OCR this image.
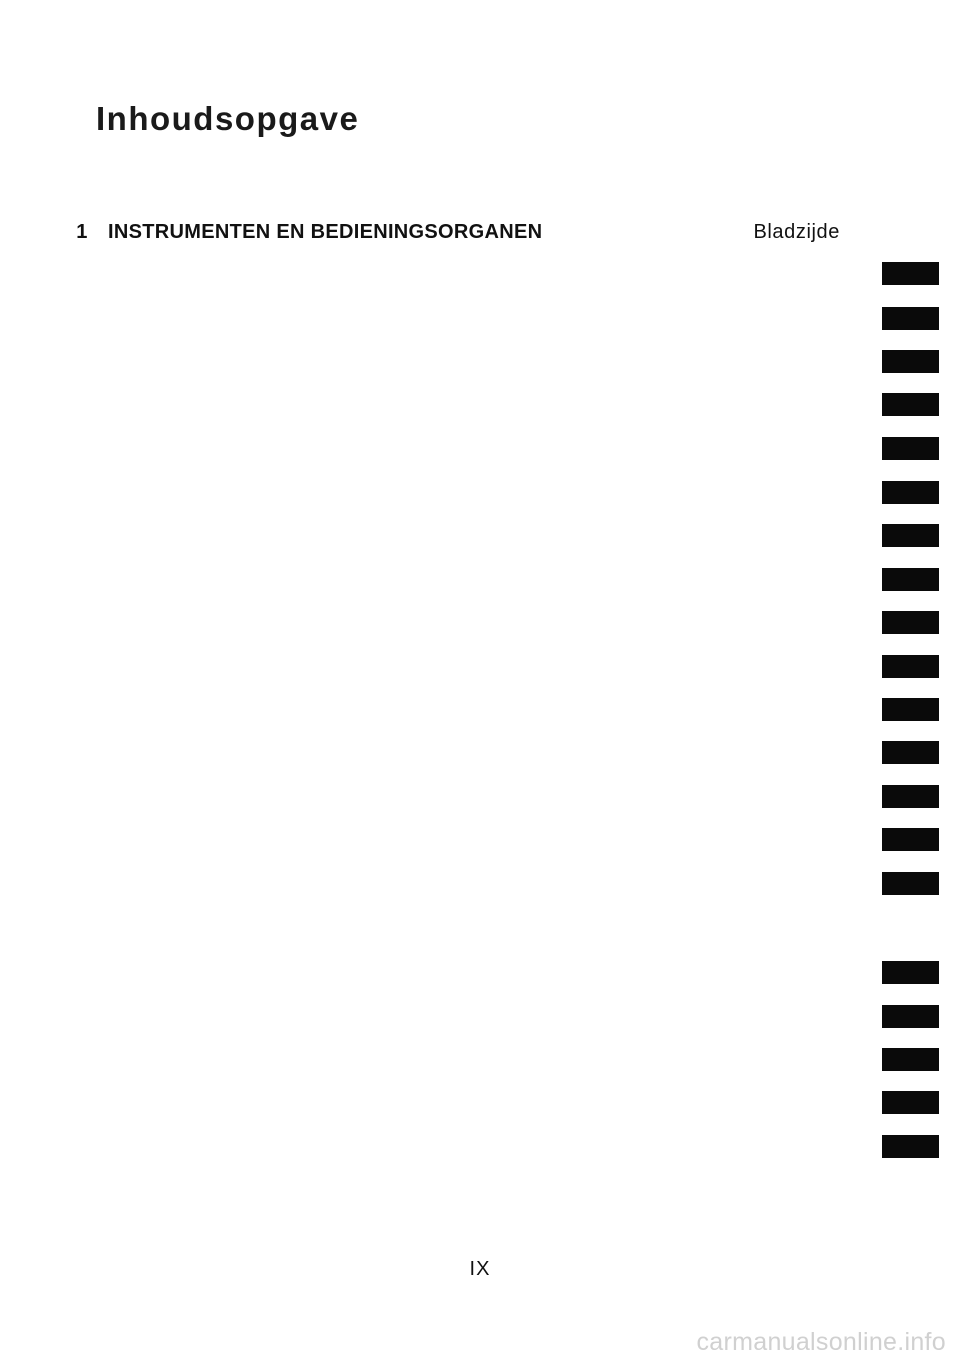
Inhoudsopgave
1	INSTRUMENTEN EN BEDIENINGSORGANEN	Bladzijde
IX
carmanualsonline.info
